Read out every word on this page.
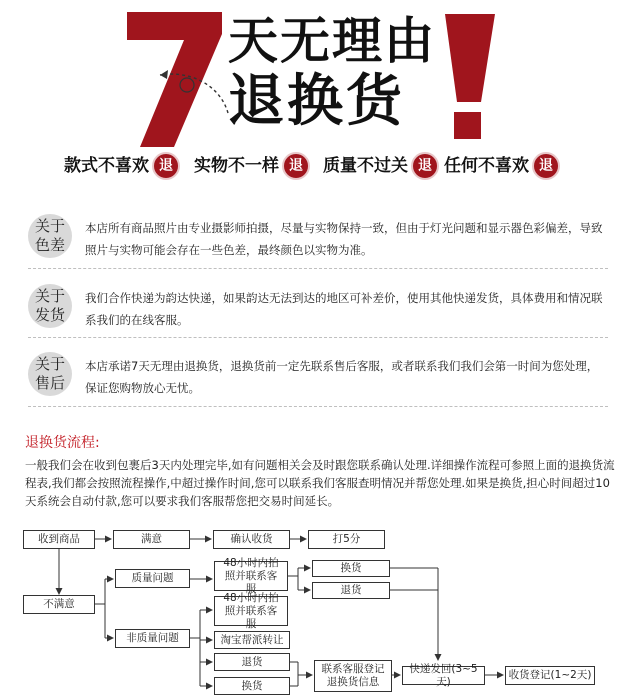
天无理由
退换货
款式不喜欢 退	实物不一样 退	质量不过关 退 任何不喜欢 退
关于
色差
本店所有商品照片由专业摄影师拍摄，尽量与实物保持一致，但由于灯光问题和显示器色彩偏差，导致照片与实物可能会存在一些色差，最终颜色以实物为准。
关于
发货
我们合作快递为韵达快递，如果韵达无法到达的地区可补差价，使用其他快递发货，具体费用和情况联系我们的在线客服。
关于
售后
本店承诺7天无理由退换货，退换货前一定先联系售后客服，或者联系我们我们会第一时间为您处理，保证您购物放心无忧。
退换货流程:
一般我们会在收到包裹后3天内处理完毕,如有问题相关会及时跟您联系确认处理.详细操作流程可参照上面的退换货流程表,我们都会按照流程操作,中超过操作时间,您可以联系我们客服查明情况并帮您处理.如果是换货,担心时间超过10天系统会自动付款,您可以要求我们客服帮您把交易时间延长。
收到商品	满意	确认收货	打5分
不满意
质量问题
48小时内拍照并联系客服
换货
退货
非质量问题
48小时内拍照并联系客服
淘宝帮派转让
退货
换货
联系客服登记退换货信息
快递发回(3~5天)
收货登记(1~2天)
